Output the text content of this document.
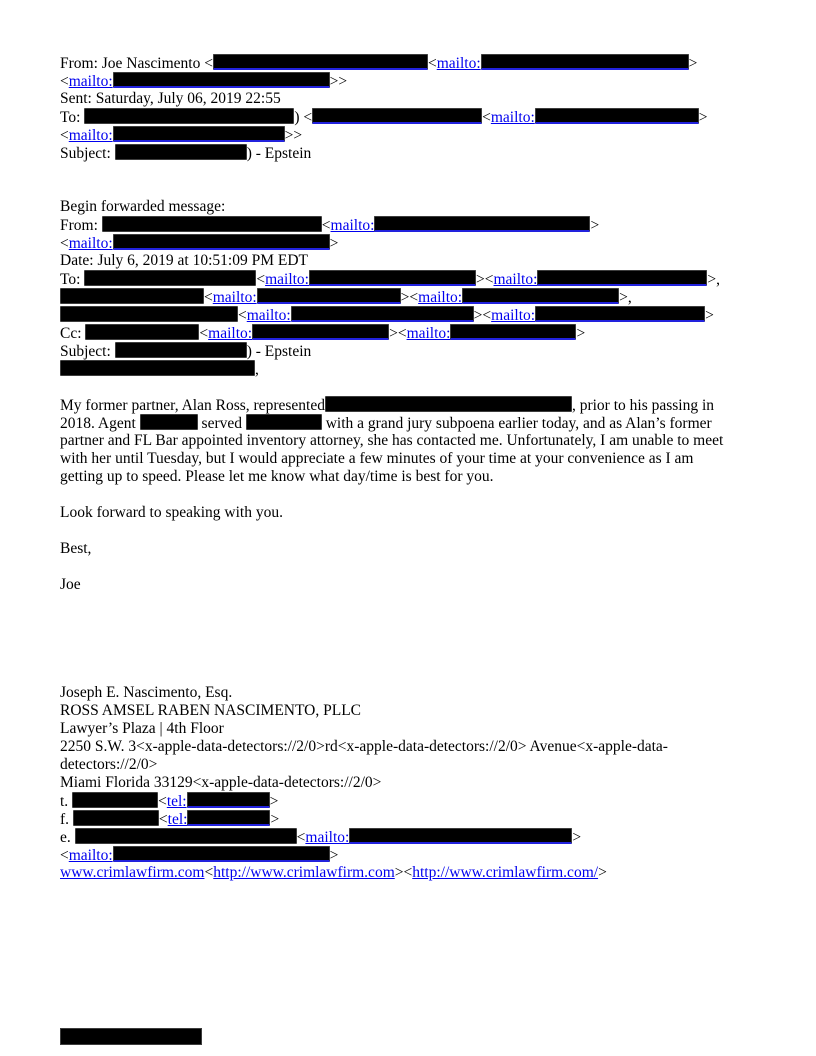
From: Joe Nascimento <	<mailto:	>
<mailto:	>>
Sent: Saturday, July 06, 2019 22:55
To:	) <	<mailto:	>
<mailto:	>>
Subject:	) - Epstein
Begin forwarded message:
From:	<mailto:	>
<mailto:	>
Date: July 6, 2019 at 10:51:09 PM EDT
To:	<mailto:	><mailto:	>,
<mailto:	><mailto:	>,
<mailto:	><mailto:	>
Cc:	<mailto:	><mailto:	>
Subject:	) - Epstein
,
My former partner, Alan Ross, represented	, prior to his passing in
2018. Agent	served	with a grand jury subpoena earlier today, and as Alan’s former
partner and FL Bar appointed inventory attorney, she has contacted me. Unfortunately, I am unable to meet
with her until Tuesday, but I would appreciate a few minutes of your time at your convenience as I am
getting up to speed. Please let me know what day/time is best for you.
Look forward to speaking with you.
Best,
Joe
Joseph E. Nascimento, Esq.
ROSS AMSEL RABEN NASCIMENTO, PLLC
Lawyer’s Plaza | 4th Floor
2250 S.W. 3<x-apple-data-detectors://2/0>rd<x-apple-data-detectors://2/0> Avenue<x-apple-data-
detectors://2/0>
Miami Florida 33129<x-apple-data-detectors://2/0>
t.	<tel:	>
f.	<tel:	>
e.	<mailto:	>
<mailto:	>
www.crimlawfirm.com<http://www.crimlawfirm.com><http://www.crimlawfirm.com/>
